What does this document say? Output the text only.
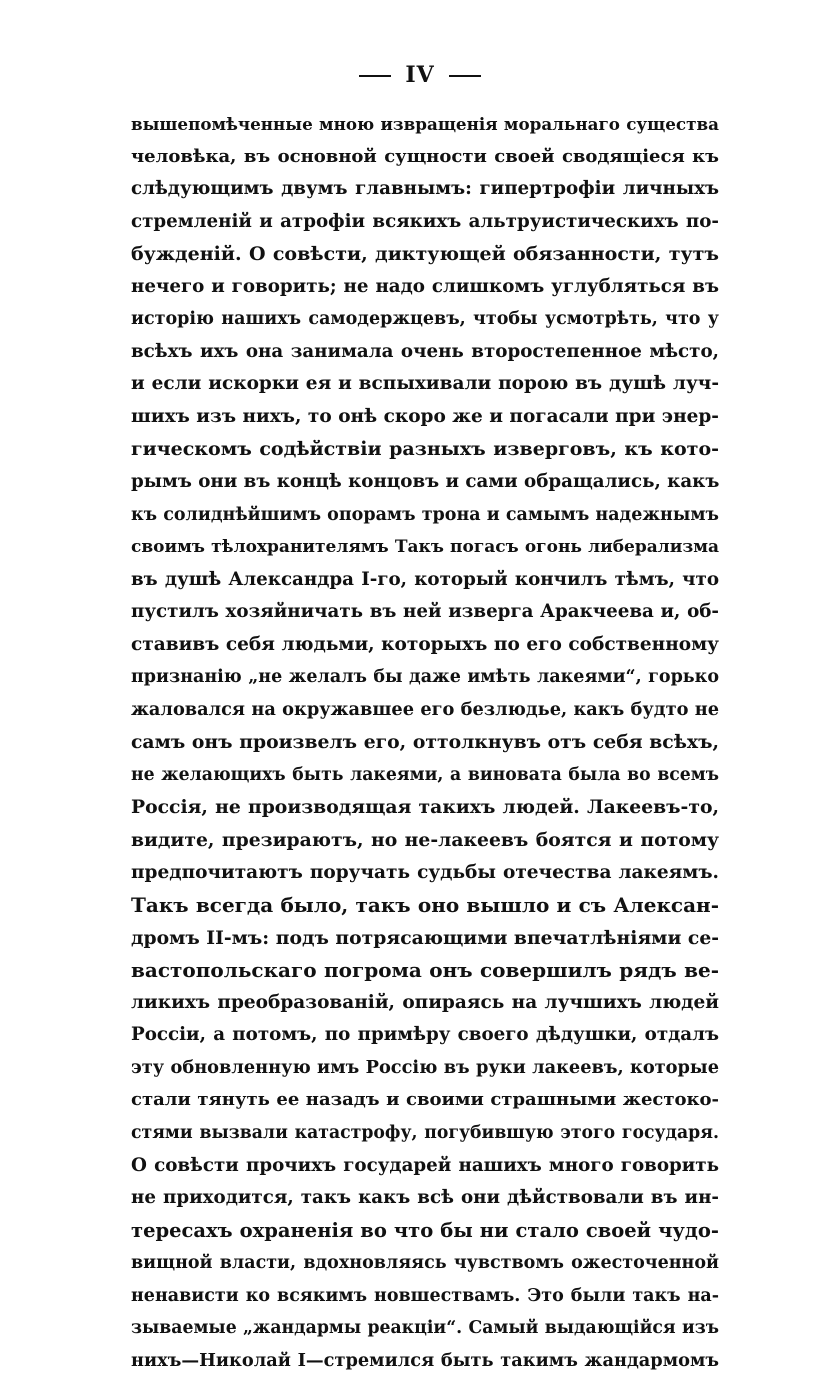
IV
вышепомѣченные мною извращенія моральнаго существа
человѣка, въ основной сущности своей сводящіеся къ
слѣдующимъ двумъ главнымъ: гипертрофіи личныхъ
стремленій и атрофіи всякихъ альтруистическихъ по-
бужденій. О совѣсти, диктующей обязанности, тутъ
нечего и говорить; не надо слишкомъ углубляться въ
исторію нашихъ самодержцевъ, чтобы усмотрѣть, что у
всѣхъ ихъ она занимала очень второстепенное мѣсто,
и если искорки ея и вспыхивали порою въ душѣ луч-
шихъ изъ нихъ, то онѣ скоро же и погасали при энер-
гическомъ содѣйствіи разныхъ изверговъ, къ кото-
рымъ они въ концѣ концовъ и сами обращались, какъ
къ солиднѣйшимъ опорамъ трона и самымъ надежнымъ
своимъ тѣлохранителямъ Такъ погасъ огонь либерализма
въ душѣ Александра І-го, который кончилъ тѣмъ, что
пустилъ хозяйничать въ ней изверга Аракчеева и, об-
ставивъ себя людьми, которыхъ по его собственному
признанію „не желалъ бы даже имѣть лакеями“, горько
жаловался на окружавшее его безлюдье, какъ будто не
самъ онъ произвелъ его, оттолкнувъ отъ себя всѣхъ,
не желающихъ быть лакеями, а виновата была во всемъ
Россія, не производящая такихъ людей. Лакеевъ-то,
видите, презираютъ, но не-лакеевъ боятся и потому
предпочитаютъ поручать судьбы отечества лакеямъ.
Такъ всегда было, такъ оно вышло и съ Алексан-
дромъ ІІ-мъ: подъ потрясающими впечатлѣніями се-
вастопольскаго погрома онъ совершилъ рядъ ве-
ликихъ преобразованій, опираясь на лучшихъ людей
Россіи, а потомъ, по примѣру своего дѣдушки, отдалъ
эту обновленную имъ Россію въ руки лакеевъ, которые
стали тянуть ее назадъ и своими страшными жестоко-
стями вызвали катастрофу, погубившую этого государя.
О совѣсти прочихъ государей нашихъ много говорить
не приходится, такъ какъ всѣ они дѣйствовали въ ин-
тересахъ охраненія во что бы ни стало своей чудо-
вищной власти, вдохновляясь чувствомъ ожесточенной
ненависти ко всякимъ новшествамъ. Это были такъ на-
зываемые „жандармы реакціи“. Самый выдающійся изъ
нихъ—Николай І—стремился быть такимъ жандармомъ
